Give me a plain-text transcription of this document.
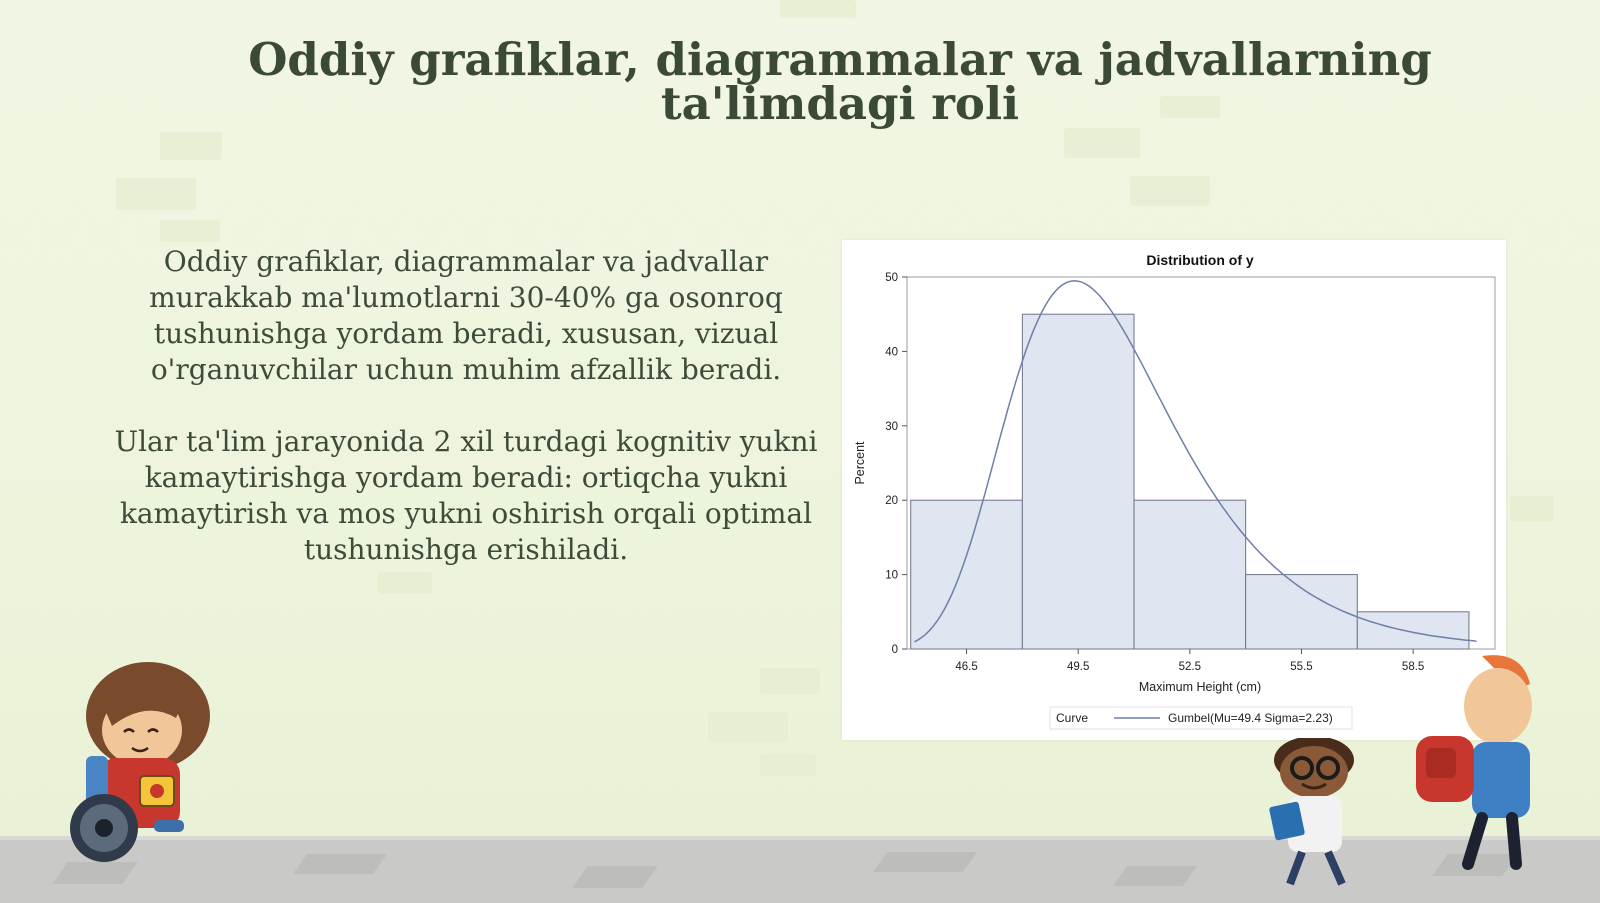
Oddiy grafiklar, diagrammalar va jadvallarning ta'limdagi roli

Oddiy grafiklar, diagrammalar va jadvallar murakkab ma'lumotlarni 30-40% ga osonroq tushunishga yordam beradi, xususan, vizual o'rganuvchilar uchun muhim afzallik beradi.

Ular ta'lim jarayonida 2 xil turdagi kognitiv yukni kamaytirishga yordam beradi: ortiqcha yukni kamaytirish va mos yukni oshirish orqali optimal tushunishga erishiladi.

Distribution of y
0
10
20
30
40
50
46.5	49.5	52.5	55.5	58.5
Percent
Maximum Height (cm)
Curve	Gumbel(Mu=49.4 Sigma=2.23)
